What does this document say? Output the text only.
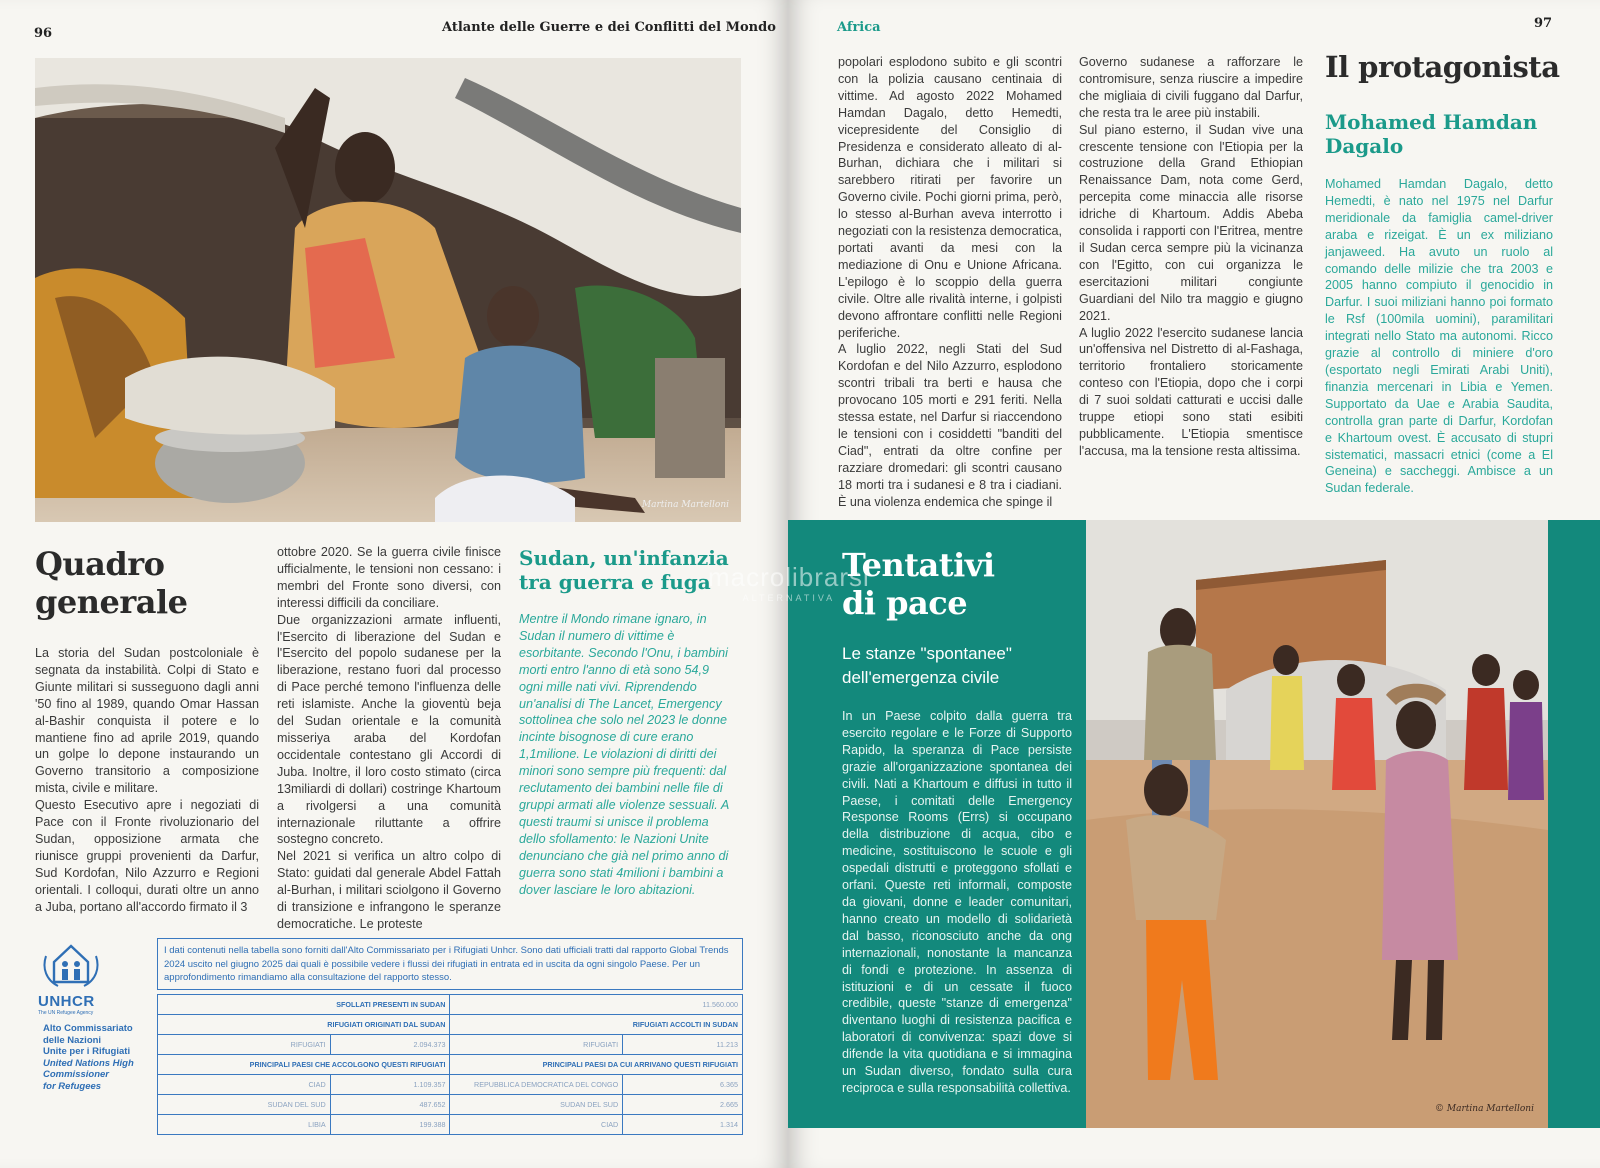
96	Atlante delle Guerre e dei Conflitti del Mondo
Martina Martelloni
Quadro
generale

La storia del Sudan postcoloniale è segnata da instabilità. Colpi di Stato e Giunte militari si susseguono dagli anni '50 fino al 1989, quando Omar Hassan al-Bashir conquista il potere e lo mantiene fino ad aprile 2019, quando un golpe lo depone instaurando un Governo transitorio a composizione mista, civile e militare.

Questo Esecutivo apre i negoziati di Pace con il Fronte rivoluzionario del Sudan, opposizione armata che riunisce gruppi provenienti da Darfur, Sud Kordofan, Nilo Azzurro e Regioni orientali. I colloqui, durati oltre un anno a Juba, portano all'accordo firmato il 3

ottobre 2020. Se la guerra civile finisce ufficialmente, le tensioni non cessano: i membri del Fronte sono diversi, con interessi difficili da conciliare.

Due organizzazioni armate influenti, l'Esercito di liberazione del Sudan e l'Esercito del popolo sudanese per la liberazione, restano fuori dal processo di Pace perché temono l'influenza delle reti islamiste. Anche la gioventù beja del Sudan orientale e la comunità misseriya araba del Kordofan occidentale contestano gli Accordi di Juba. Inoltre, il loro costo stimato (circa 13miliardi di dollari) costringe Khartoum a rivolgersi a una comunità internazionale riluttante a offrire sostegno concreto.

Nel 2021 si verifica un altro colpo di Stato: guidati dal generale Abdel Fattah al-Burhan, i militari sciolgono il Governo di transizione e infrangono le speranze democratiche. Le proteste

Sudan, un'infanzia tra guerra e fuga
Mentre il Mondo rimane ignaro, in Sudan il numero di vittime è esorbitante. Secondo l'Onu, i bambini morti entro l'anno di età sono 54,9 ogni mille nati vivi. Riprendendo un'analisi di The Lancet, Emergency sottolinea che solo nel 2023 le donne incinte bisognose di cure erano 1,1milione. Le violazioni di diritti dei minori sono sempre più frequenti: dal reclutamento dei bambini nelle file di gruppi armati alle violenze sessuali. A questi traumi si unisce il problema dello sfollamento: le Nazioni Unite denunciano che già nel primo anno di guerra sono stati 4milioni i bambini a dover lasciare le loro abitazioni.
UNHCR
The UN Refugee Agency
Alto Commissariato
delle Nazioni
Unite per i Rifugiati
United Nations High
Commissioner
for Refugees
I dati contenuti nella tabella sono forniti dall'Alto Commissariato per i Rifugiati Unhcr. Sono dati ufficiali tratti dal rapporto Global Trends 2024 uscito nel giugno 2025 dai quali è possibile vedere i flussi dei rifugiati in entrata ed in uscita da ogni singolo Paese. Per un approfondimento rimandiamo alla consultazione del rapporto stesso.
SFOLLATI PRESENTI IN SUDAN		11.560.000	
RIFUGIATI ORIGINATI DAL SUDAN		RIFUGIATI ACCOLTI IN SUDAN	
RIFUGIATI	2.094.373	RIFUGIATI	11.213
PRINCIPALI PAESI CHE ACCOLGONO QUESTI RIFUGIATI		PRINCIPALI PAESI DA CUI ARRIVANO QUESTI RIFUGIATI	
CIAD	1.109.357	REPUBBLICA DEMOCRATICA DEL CONGO	6.365
SUDAN DEL SUD	487.652	SUDAN DEL SUD	2.665
LIBIA	199.388	CIAD	1.314
Africa	97

popolari esplodono subito e gli scontri con la polizia causano centinaia di vittime. Ad agosto 2022 Mohamed Hamdan Dagalo, detto Hemedti, vicepresidente del Consiglio di Presidenza e considerato alleato di al-Burhan, dichiara che i militari si sarebbero ritirati per favorire un Governo civile. Pochi giorni prima, però, lo stesso al-Burhan aveva interrotto i negoziati con la resistenza democratica, portati avanti da mesi con la mediazione di Onu e Unione Africana. L'epilogo è lo scoppio della guerra civile. Oltre alle rivalità interne, i golpisti devono affrontare conflitti nelle Regioni periferiche.

A luglio 2022, negli Stati del Sud Kordofan e del Nilo Azzurro, esplodono scontri tribali tra berti e hausa che provocano 105 morti e 291 feriti. Nella stessa estate, nel Darfur si riaccendono le tensioni con i cosiddetti "banditi del Ciad", entrati da oltre confine per razziare dromedari: gli scontri causano 18 morti tra i sudanesi e 8 tra i ciadiani. È una violenza endemica che spinge il

Governo sudanese a rafforzare le contromisure, senza riuscire a impedire che migliaia di civili fuggano dal Darfur, che resta tra le aree più instabili.

Sul piano esterno, il Sudan vive una crescente tensione con l'Etiopia per la costruzione della Grand Ethiopian Renaissance Dam, nota come Gerd, percepita come minaccia alle risorse idriche di Khartoum. Addis Abeba consolida i rapporti con l'Eritrea, mentre il Sudan cerca sempre più la vicinanza con l'Egitto, con cui organizza le esercitazioni militari congiunte Guardiani del Nilo tra maggio e giugno 2021.

A luglio 2022 l'esercito sudanese lancia un'offensiva nel Distretto di al-Fashaga, territorio frontaliero storicamente conteso con l'Etiopia, dopo che i corpi di 7 suoi soldati catturati e uccisi dalle truppe etiopi sono stati esibiti pubblicamente. L'Etiopia smentisce l'accusa, ma la tensione resta altissima.

Il protagonista
Mohamed Hamdan Dagalo
Mohamed Hamdan Dagalo, detto Hemedti, è nato nel 1975 nel Darfur meridionale da famiglia camel-driver araba e rizeigat. È un ex miliziano janjaweed. Ha avuto un ruolo al comando delle milizie che tra 2003 e 2005 hanno compiuto il genocidio in Darfur. I suoi miliziani hanno poi formato le Rsf (100mila uomini), paramilitari integrati nello Stato ma autonomi. Ricco grazie al controllo di miniere d'oro (esportato negli Emirati Arabi Uniti), finanzia mercenari in Libia e Yemen. Supportato da Uae e Arabia Saudita, controlla gran parte di Darfur, Kordofan e Khartoum ovest. È accusato di stupri sistematici, massacri etnici (come a El Geneina) e saccheggi. Ambisce a un Sudan federale.
Tentativi
di pace
Le stanze "spontanee" dell'emergenza civile
In un Paese colpito dalla guerra tra esercito regolare e le Forze di Supporto Rapido, la speranza di Pace persiste grazie all'organizzazione spontanea dei civili. Nati a Khartoum e diffusi in tutto il Paese, i comitati delle Emergency Response Rooms (Errs) si occupano della distribuzione di acqua, cibo e medicine, sostituiscono le scuole e gli ospedali distrutti e proteggono sfollati e orfani. Queste reti informali, composte da giovani, donne e leader comunitari, hanno creato un modello di solidarietà dal basso, riconosciuto anche da ong internazionali, nonostante la mancanza di fondi e protezione. In assenza di istituzioni e di un cessate il fuoco credibile, queste "stanze di emergenza" diventano luoghi di resistenza pacifica e laboratori di convivenza: spazi dove si difende la vita quotidiana e si immagina un Sudan diverso, fondato sulla cura reciproca e sulla responsabilità collettiva.
© Martina Martelloni
macrolibrarsi
ALTERNATIVA
